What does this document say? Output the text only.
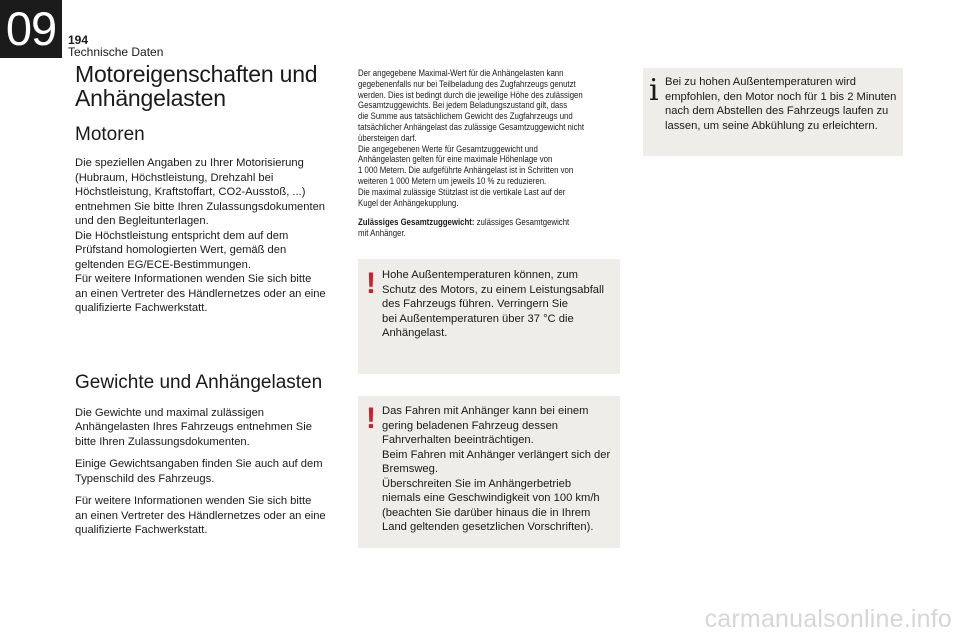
09 194
Technische Daten
Motoreigenschaften und
Anhängelasten
Motoren

Die speziellen Angaben zu Ihrer Motorisierung
(Hubraum, Höchstleistung, Drehzahl bei
Höchstleistung, Kraftstoffart, CO2-Ausstoß, ...)
entnehmen Sie bitte Ihren Zulassungsdokumenten
und den Begleitunterlagen.
Die Höchstleistung entspricht dem auf dem
Prüfstand homologierten Wert, gemäß den
geltenden EG/ECE-Bestimmungen.
Für weitere Informationen wenden Sie sich bitte
an einen Vertreter des Händlernetzes oder an eine
qualifizierte Fachwerkstatt.

Gewichte und Anhängelasten

Die Gewichte und maximal zulässigen
Anhängelasten Ihres Fahrzeugs entnehmen Sie
bitte Ihren Zulassungsdokumenten.

Einige Gewichtsangaben finden Sie auch auf dem
Typenschild des Fahrzeugs.

Für weitere Informationen wenden Sie sich bitte
an einen Vertreter des Händlernetzes oder an eine
qualifizierte Fachwerkstatt.

Der angegebene Maximal-Wert für die Anhängelasten kann
gegebenenfalls nur bei Teilbeladung des Zugfahrzeugs genutzt
werden. Dies ist bedingt durch die jeweilige Höhe des zulässigen
Gesamtzuggewichts. Bei jedem Beladungszustand gilt, dass
die Summe aus tatsächlichem Gewicht des Zugfahrzeugs und
tatsächlicher Anhängelast das zulässige Gesamtzuggewicht nicht
übersteigen darf.
Die angegebenen Werte für Gesamtzuggewicht und
Anhängelasten gelten für eine maximale Höhenlage von
1 000 Metern. Die aufgeführte Anhängelast ist in Schritten von
weiteren 1 000 Metern um jeweils 10 % zu reduzieren.
Die maximal zulässige Stützlast ist die vertikale Last auf der
Kugel der Anhängekupplung.

Zulässiges Gesamtzuggewicht: zulässiges Gesamtgewicht
mit Anhänger.

! Hohe Außentemperaturen können, zum
Schutz des Motors, zu einem Leistungsabfall
des Fahrzeugs führen. Verringern Sie
bei Außentemperaturen über 37 °C die
Anhängelast.

! Das Fahren mit Anhänger kann bei einem
gering beladenen Fahrzeug dessen
Fahrverhalten beeinträchtigen.
Beim Fahren mit Anhänger verlängert sich der
Bremsweg.
Überschreiten Sie im Anhängerbetrieb
niemals eine Geschwindigkeit von 100 km/h
(beachten Sie darüber hinaus die in Ihrem
Land geltenden gesetzlichen Vorschriften).

i Bei zu hohen Außentemperaturen wird
empfohlen, den Motor noch für 1 bis 2 Minuten
nach dem Abstellen des Fahrzeugs laufen zu
lassen, um seine Abkühlung zu erleichtern.

carmanualsonline.info
